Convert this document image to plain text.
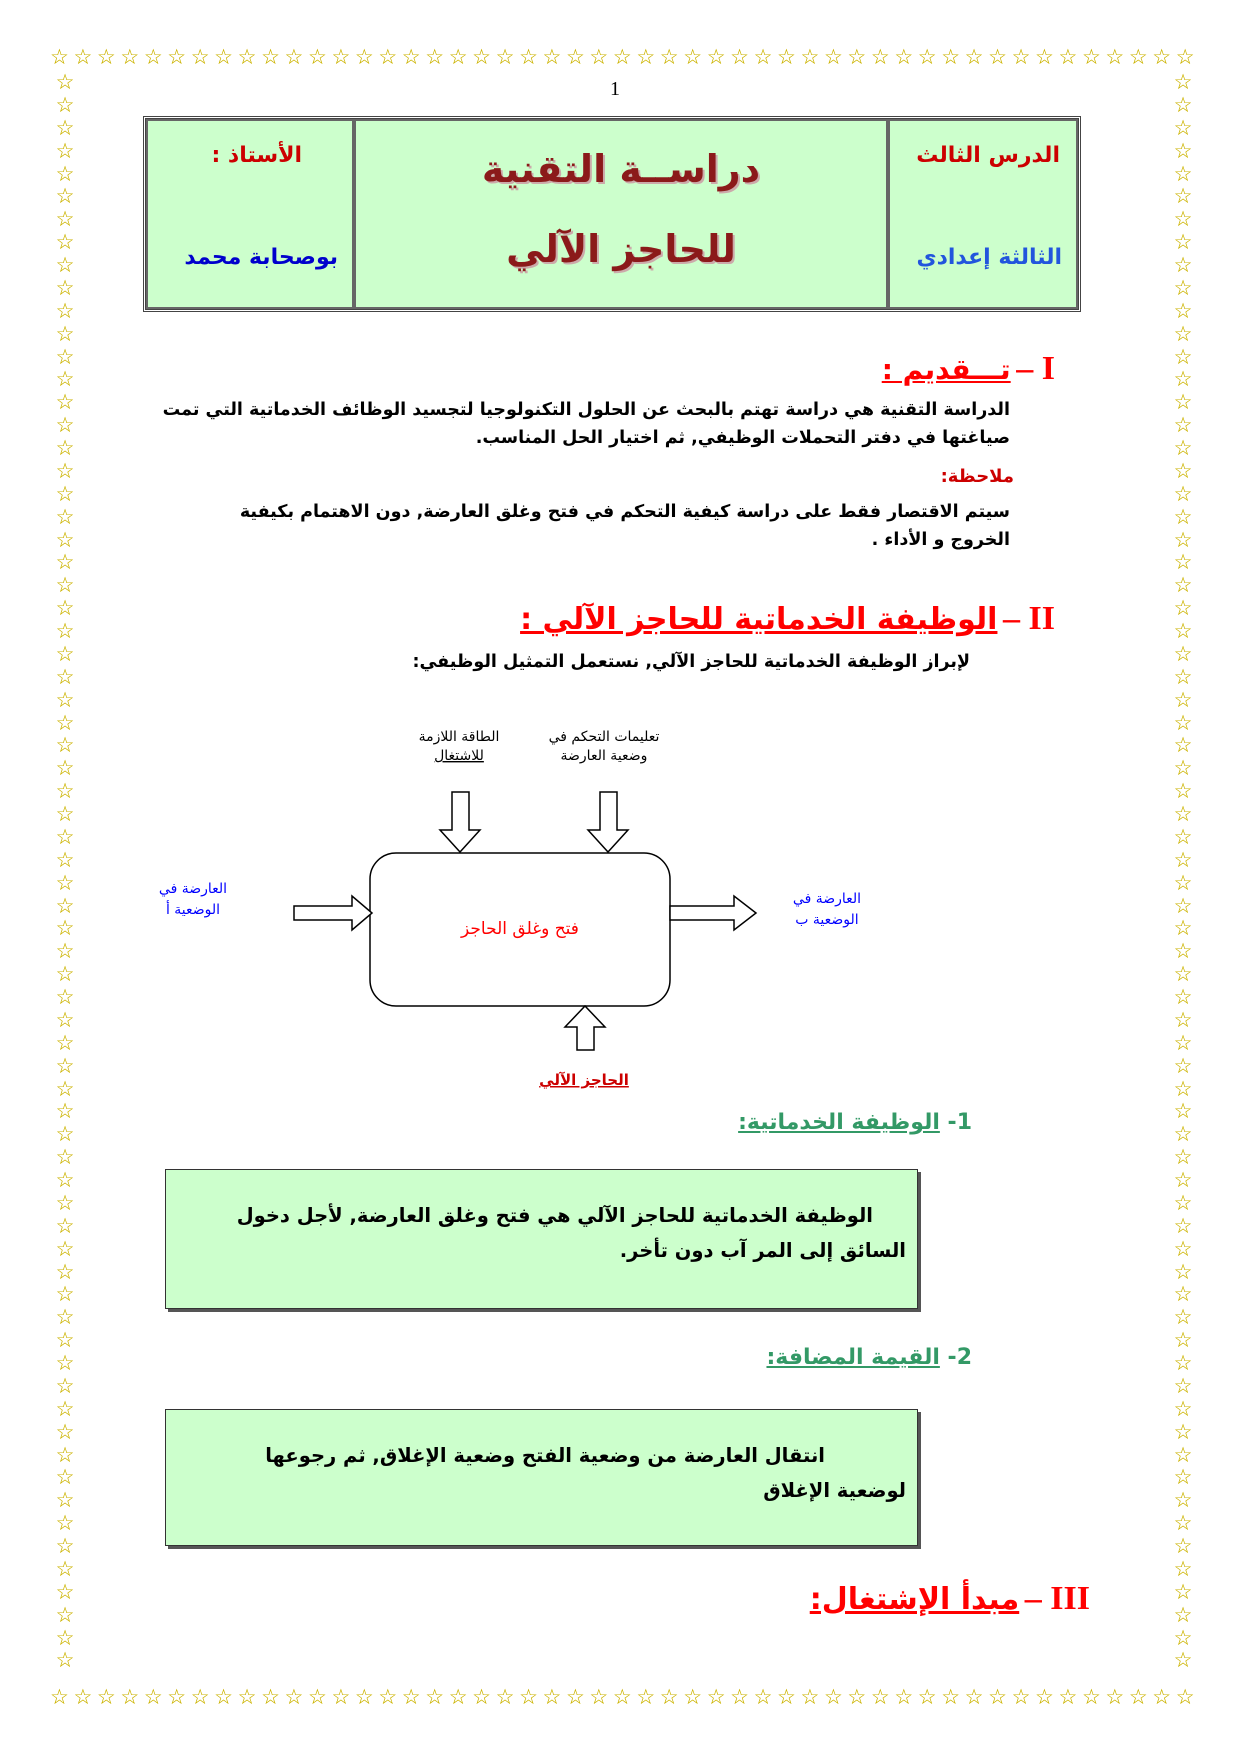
☆ ☆ ☆ ☆ ☆ ☆ ☆ ☆ ☆ ☆ ☆ ☆ ☆ ☆ ☆ ☆ ☆ ☆ ☆ ☆ ☆ ☆ ☆ ☆ ☆ ☆ ☆ ☆ ☆ ☆ ☆ ☆ ☆ ☆ ☆ ☆ ☆ ☆ ☆ ☆ ☆ ☆ ☆ ☆ ☆ ☆ ☆ ☆ ☆
☆ ☆ ☆ ☆ ☆ ☆ ☆ ☆ ☆ ☆ ☆ ☆ ☆ ☆ ☆ ☆ ☆ ☆ ☆ ☆ ☆ ☆ ☆ ☆ ☆ ☆ ☆ ☆ ☆ ☆ ☆ ☆ ☆ ☆ ☆ ☆ ☆ ☆ ☆ ☆ ☆ ☆ ☆ ☆ ☆ ☆ ☆ ☆ ☆
☆
☆
☆
☆
☆
☆
☆
☆
☆
☆
☆
☆
☆
☆
☆
☆
☆
☆
☆
☆
☆
☆
☆
☆
☆
☆
☆
☆
☆
☆
☆
☆
☆
☆
☆
☆
☆
☆
☆
☆
☆
☆
☆
☆
☆
☆
☆
☆
☆
☆
☆
☆
☆
☆
☆
☆
☆
☆
☆
☆
☆
☆
☆
☆
☆
☆
☆
☆
☆
☆
☆
☆
☆
☆
☆
☆
☆
☆
☆
☆
☆
☆
☆
☆
☆
☆
☆
☆
☆
☆
☆
☆
☆
☆
☆
☆
☆
☆
☆
☆
☆
☆
☆
☆
☆
☆
☆
☆
☆
☆
☆
☆
☆
☆
☆
☆
☆
☆
☆
☆
☆
☆
☆
☆
☆
☆
☆
☆
☆
☆
☆
☆
☆
☆
☆
☆
☆
☆
☆
☆
1
الدرس الثالث
الثالثة إعدادي
دراســة التقنية
للحاجز الآلي
الأستاذ :
بوصحابة محمد
I – تـــقديم :
الدراسة التقنية هي دراسة تهتم بالبحث عن الحلول التكنولوجيا لتجسيد الوظائف الخدماتية التي تمت صياغتها في دفتر التحملات الوظيفي, ثم اختيار الحل المناسب.
ملاحظة:
سيتم الاقتصار فقط على دراسة كيفية التحكم في فتح وغلق العارضة, دون الاهتمام بكيفية الخروج و الأداء .
II – الوظيفة الخدماتية للحاجز الآلي :
لإبراز الوظيفة الخدماتية للحاجز الآلي, نستعمل التمثيل الوظيفي:
الطاقة اللازمة
للاشتغال
تعليمات التحكم في
وضعية العارضة
العارضة في
الوضعية أ
العارضة في
الوضعية ب
فتح وغلق الحاجز
الحاجز الآلي
1- الوظيفة الخدماتية:
الوظيفة الخدماتية للحاجز الآلي هي فتح وغلق العارضة, لأجل دخول
السائق إلى المر آب دون تأخر.
2- القيمة المضافة:
انتقال العارضة من وضعية الفتح وضعية الإغلاق, ثم رجوعها
لوضعية الإغلاق
III – مبدأ الإشتغال:
